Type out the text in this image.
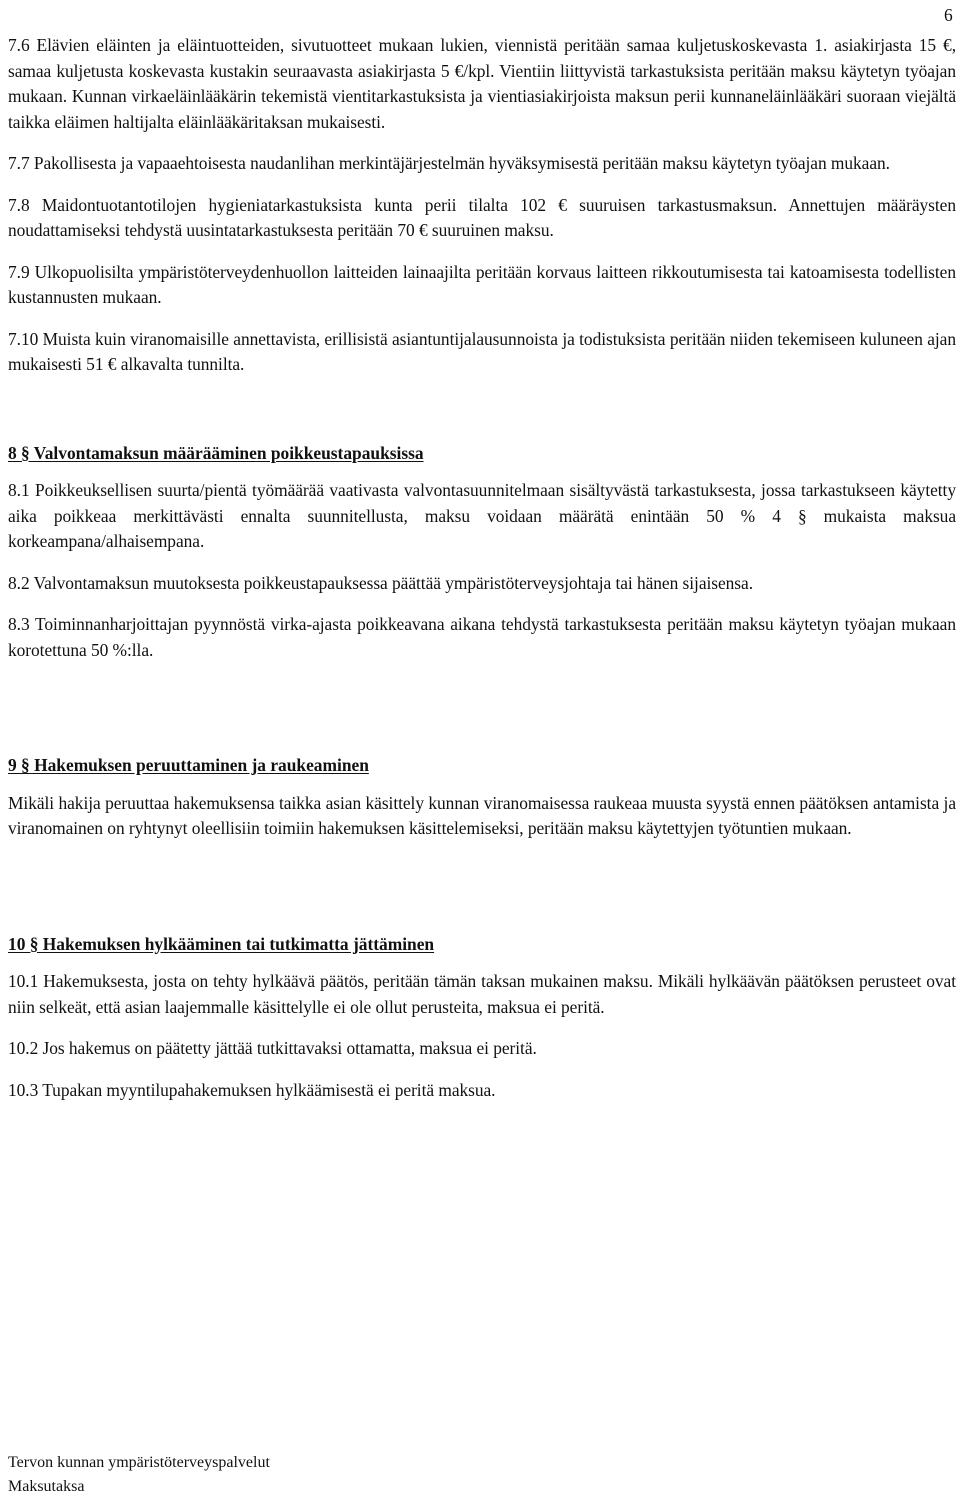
6

7.6 Elävien eläinten ja eläintuotteiden, sivutuotteet mukaan lukien, viennistä peritään samaa kuljetuskoskevasta 1. asiakirjasta 15 €, samaa kuljetusta koskevasta kustakin seuraavasta asiakirjasta 5 €/kpl. Vientiin liittyvistä tarkastuksista peritään maksu käytetyn työajan mukaan. Kunnan virkaeläinlääkärin tekemistä vientitarkastuksista ja vientiasiakirjoista maksun perii kunnaneläinlääkäri suoraan viejältä taikka eläimen haltijalta eläinlääkäritaksan mukaisesti.

7.7 Pakollisesta ja vapaaehtoisesta naudanlihan merkintäjärjestelmän hyväksymisestä peritään maksu käytetyn työajan mukaan.

7.8 Maidontuotantotilojen hygieniatarkastuksista kunta perii tilalta 102 € suuruisen tarkastusmaksun. Annettujen määräysten noudattamiseksi tehdystä uusintatarkastuksesta peritään 70 € suuruinen maksu.

7.9 Ulkopuolisilta ympäristöterveydenhuollon laitteiden lainaajilta peritään korvaus laitteen rikkoutumisesta tai katoamisesta todellisten kustannusten mukaan.

7.10 Muista kuin viranomaisille annettavista, erillisistä asiantuntijalausunnoista ja todistuksista peritään niiden tekemiseen kuluneen ajan mukaisesti 51 € alkavalta tunnilta.

8 § Valvontamaksun määrääminen poikkeustapauksissa

8.1 Poikkeuksellisen suurta/pientä työmäärää vaativasta valvontasuunnitelmaan sisältyvästä tarkastuksesta, jossa tarkastukseen käytetty aika poikkeaa merkittävästi ennalta suunnitellusta, maksu voidaan määrätä enintään 50 % 4 § mukaista maksua korkeampana/alhaisempana.

8.2 Valvontamaksun muutoksesta poikkeustapauksessa päättää ympäristöterveysjohtaja tai hänen sijaisensa.

8.3 Toiminnanharjoittajan pyynnöstä virka-ajasta poikkeavana aikana tehdystä tarkastuksesta peritään maksu käytetyn työajan mukaan korotettuna 50 %:lla.

9 § Hakemuksen peruuttaminen ja raukeaminen

Mikäli hakija peruuttaa hakemuksensa taikka asian käsittely kunnan viranomaisessa raukeaa muusta syystä ennen päätöksen antamista ja viranomainen on ryhtynyt oleellisiin toimiin hakemuksen käsittelemiseksi, peritään maksu käytettyjen työtuntien mukaan.

10 § Hakemuksen hylkääminen tai tutkimatta jättäminen

10.1 Hakemuksesta, josta on tehty hylkäävä päätös, peritään tämän taksan mukainen maksu. Mikäli hylkäävän päätöksen perusteet ovat niin selkeät, että asian laajemmalle käsittelylle ei ole ollut perusteita, maksua ei peritä.

10.2 Jos hakemus on päätetty jättää tutkittavaksi ottamatta, maksua ei peritä.

10.3 Tupakan myyntilupahakemuksen hylkäämisestä ei peritä maksua.

Tervon kunnan ympäristöterveyspalvelut
Maksutaksa
